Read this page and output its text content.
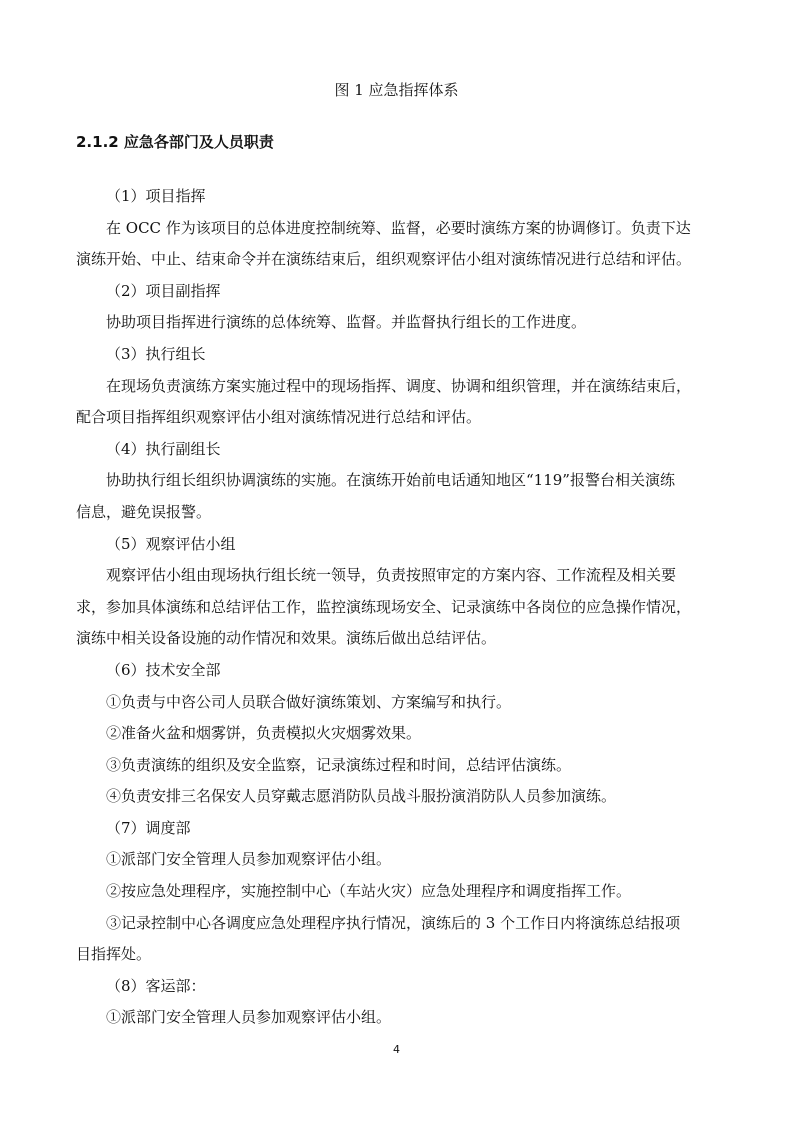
图 1 应急指挥体系
2.1.2 应急各部门及人员职责

（1）项目指挥

在 OCC 作为该项目的总体进度控制统筹、监督，必要时演练方案的协调修订。负责下达

演练开始、中止、结束命令并在演练结束后，组织观察评估小组对演练情况进行总结和评估。

（2）项目副指挥

协助项目指挥进行演练的总体统筹、监督。并监督执行组长的工作进度。

（3）执行组长

在现场负责演练方案实施过程中的现场指挥、调度、协调和组织管理，并在演练结束后，

配合项目指挥组织观察评估小组对演练情况进行总结和评估。

（4）执行副组长

协助执行组长组织协调演练的实施。在演练开始前电话通知地区“119”报警台相关演练

信息，避免误报警。

（5）观察评估小组

观察评估小组由现场执行组长统一领导，负责按照审定的方案内容、工作流程及相关要

求，参加具体演练和总结评估工作，监控演练现场安全、记录演练中各岗位的应急操作情况，

演练中相关设备设施的动作情况和效果。演练后做出总结评估。

（6）技术安全部

①负责与中咨公司人员联合做好演练策划、方案编写和执行。

②准备火盆和烟雾饼，负责模拟火灾烟雾效果。

③负责演练的组织及安全监察，记录演练过程和时间，总结评估演练。

④负责安排三名保安人员穿戴志愿消防队员战斗服扮演消防队人员参加演练。

（7）调度部

①派部门安全管理人员参加观察评估小组。

②按应急处理程序，实施控制中心（车站火灾）应急处理程序和调度指挥工作。

③记录控制中心各调度应急处理程序执行情况，演练后的 3 个工作日内将演练总结报项

目指挥处。

（8）客运部：

①派部门安全管理人员参加观察评估小组。

4
